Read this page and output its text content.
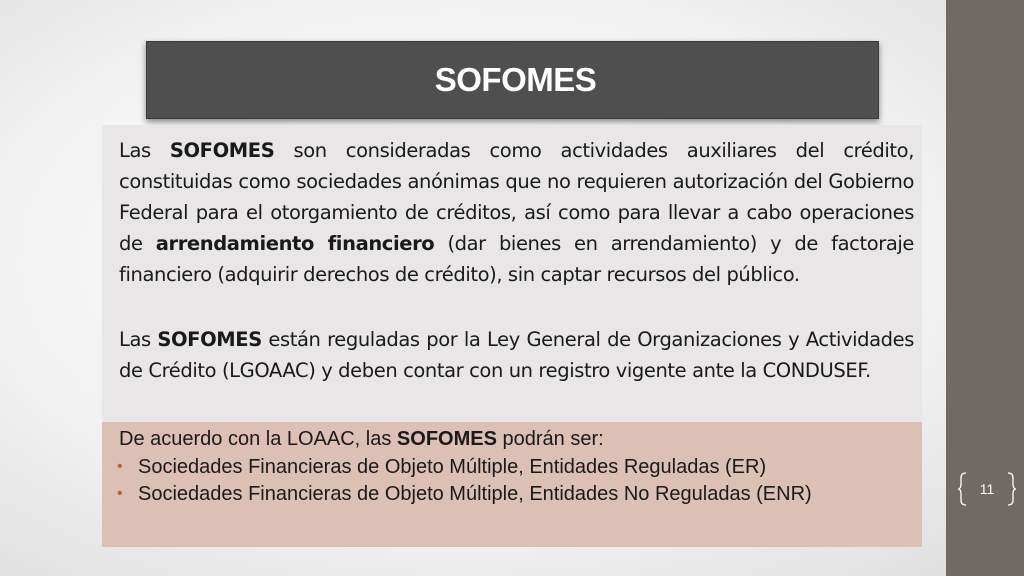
SOFOMES
Las SOFOMES son consideradas como actividades auxiliares del crédito, constituidas como sociedades anónimas que no requieren autorización del Gobierno Federal para el otorgamiento de créditos, así como para llevar a cabo operaciones de arrendamiento financiero (dar bienes en arrendamiento) y de factoraje financiero (adquirir derechos de crédito), sin captar recursos del público.
Las SOFOMES están reguladas por la Ley General de Organizaciones y Actividades de Crédito (LGOAAC) y deben contar con un registro vigente ante la CONDUSEF.
De acuerdo con la LOAAC, las SOFOMES podrán ser:
• Sociedades Financieras de Objeto Múltiple, Entidades Reguladas (ER)
• Sociedades Financieras de Objeto Múltiple, Entidades No Reguladas (ENR)	11
